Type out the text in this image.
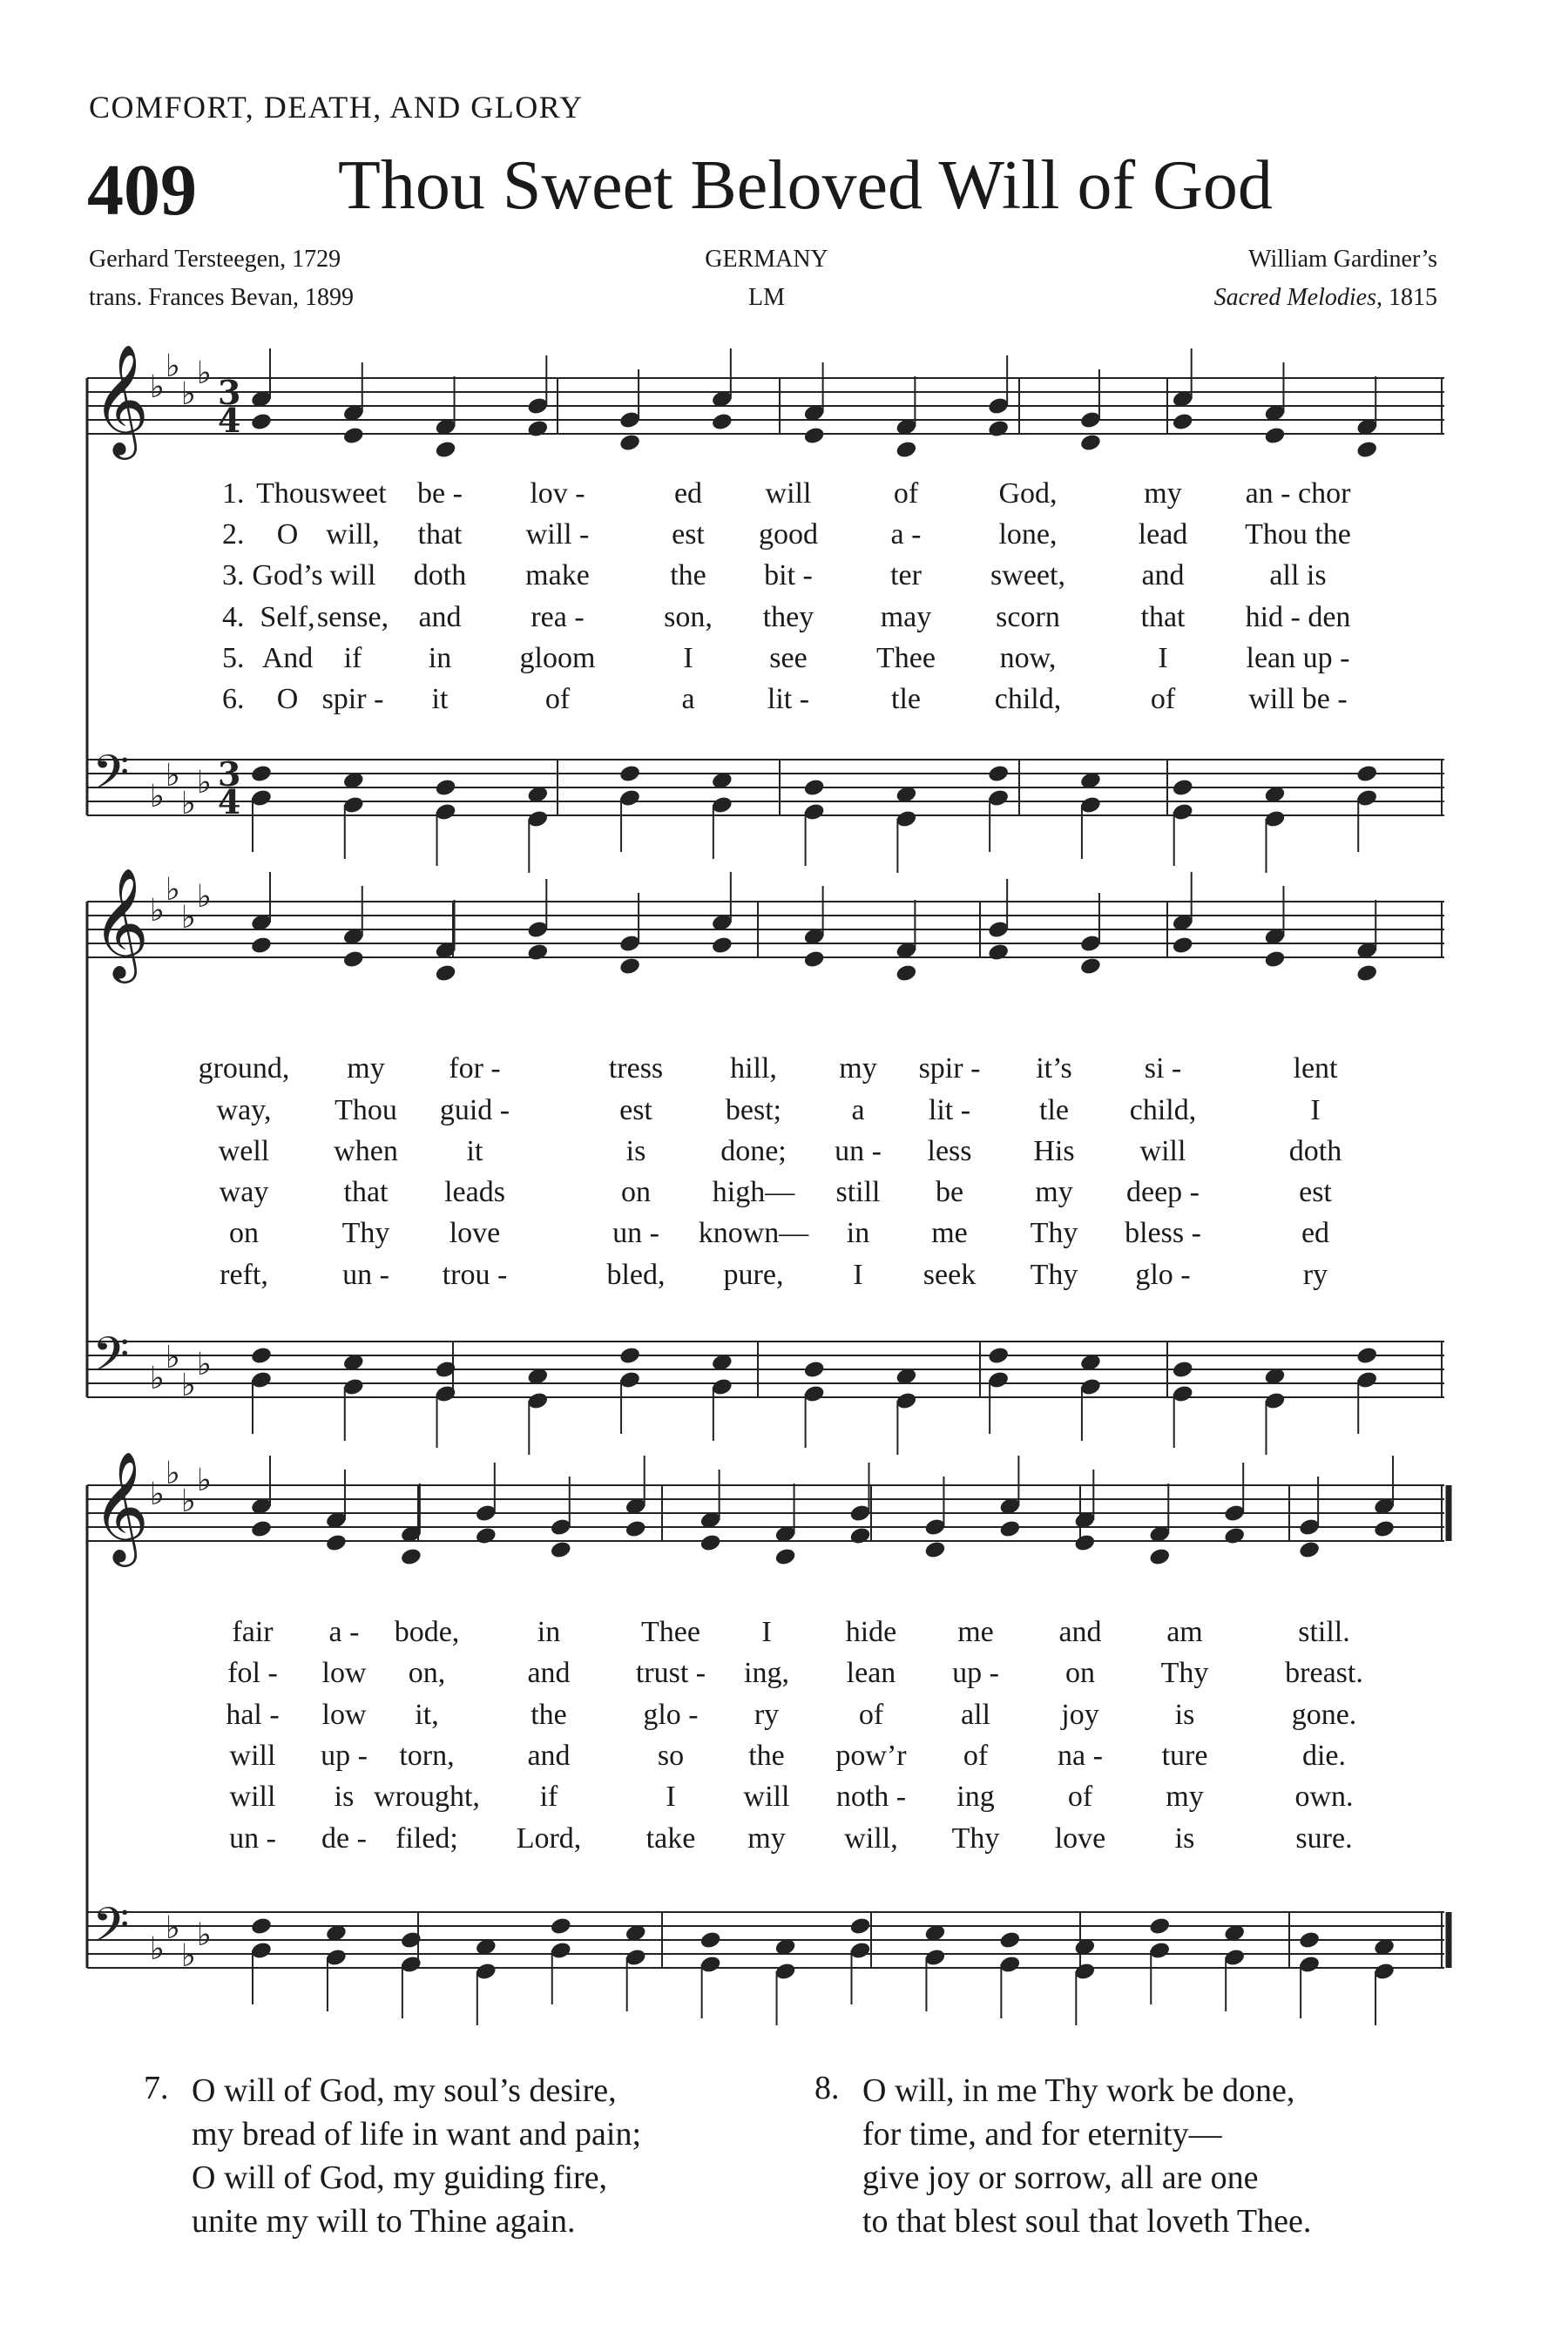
COMFORT, DEATH, AND GLORY
409 Thou Sweet Beloved Will of God
Gerhard Tersteegen, 1729
trans. Frances Bevan, 1899
GERMANY
LM
William Gardiner’s
Sacred Melodies, 1815
𝄞 ♭
♭
♭
♭ 3
4
𝄢 ♭
♭
♭
♭ 3
4
𝄞 ♭
♭
♭
♭
𝄢 ♭
♭
♭
♭
𝄞 ♭
♭
♭
♭
𝄢 ♭
♭
♭
♭
1. Thou sweet	be -	lov -	ed	will	of	God,	my	an - chor
2.	O will,	that	will -	est	good	a -	lone,	lead	Thou the
3. God’s will	doth	make	the	bit -	ter	sweet,	and	all is
4. Self, sense,	and	rea -	son,	they	may	scorn	that	hid - den
5. And	if	in	gloom	I	see	Thee	now,	I	lean up -
6.	O spir -	it	of	a	lit -	tle	child,	of	will be -
ground,	my	for -	tress	hill,	my	spir -	it’s	si -	lent
way,	Thou	guid -	est	best;	a	lit -	tle	child,	I
well	when	it	is	done;	un -	less	His	will	doth
way	that	leads	on	high—	still	be	my	deep -	est
on	Thy	love	un -	known—	in	me	Thy	bless -	ed
reft,	un -	trou -	bled,	pure,	I	seek	Thy	glo -	ry
fair	a -	bode,	in	Thee	I	hide	me	and	am	still.
fol -	low	on,	and	trust -	ing,	lean	up -	on	Thy	breast.
hal -	low	it,	the	glo -	ry	of	all	joy	is	gone.
will	up -	torn,	and	so	the	pow’r	of	na -	ture	die.
will	is wrought,	if	I	will	noth -	ing	of	my	own.
un -	de - filed;	Lord,	take	my	will,	Thy	love	is	sure.
7. O will of God, my soul’s desire,
my bread of life in want and pain;
O will of God, my guiding fire,
unite my will to Thine again.
8. O will, in me Thy work be done,
for time, and for eternity—
give joy or sorrow, all are one
to that blest soul that loveth Thee.
